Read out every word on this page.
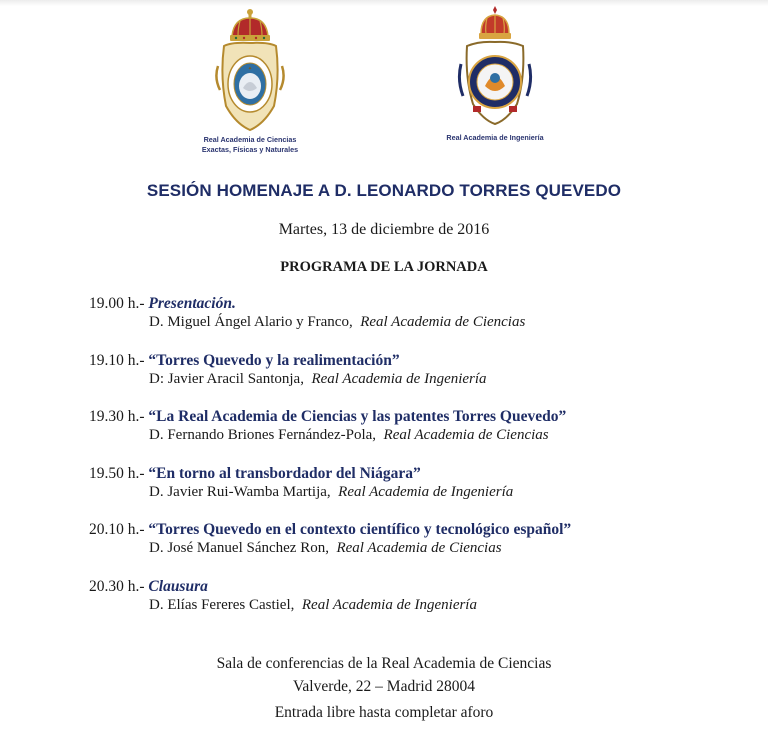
✦
Real Academia de Ciencias
Exactas, Físicas y Naturales
Real Academia de Ingeniería
SESIÓN HOMENAJE A D. LEONARDO TORRES QUEVEDO
Martes, 13 de diciembre de 2016
PROGRAMA DE LA JORNADA
19.00 h.- Presentación.
D. Miguel Ángel Alario y Franco, Real Academia de Ciencias
19.10 h.- “Torres Quevedo y la realimentación”
D: Javier Aracil Santonja, Real Academia de Ingeniería
19.30 h.- “La Real Academia de Ciencias y las patentes Torres Quevedo”
D. Fernando Briones Fernández-Pola, Real Academia de Ciencias
19.50 h.- “En torno al transbordador del Niágara”
D. Javier Rui-Wamba Martija, Real Academia de Ingeniería
20.10 h.- “Torres Quevedo en el contexto científico y tecnológico español”
D. José Manuel Sánchez Ron, Real Academia de Ciencias
20.30 h.- Clausura
D. Elías Fereres Castiel, Real Academia de Ingeniería
Sala de conferencias de la Real Academia de Ciencias
Valverde, 22 – Madrid 28004
Entrada libre hasta completar aforo
